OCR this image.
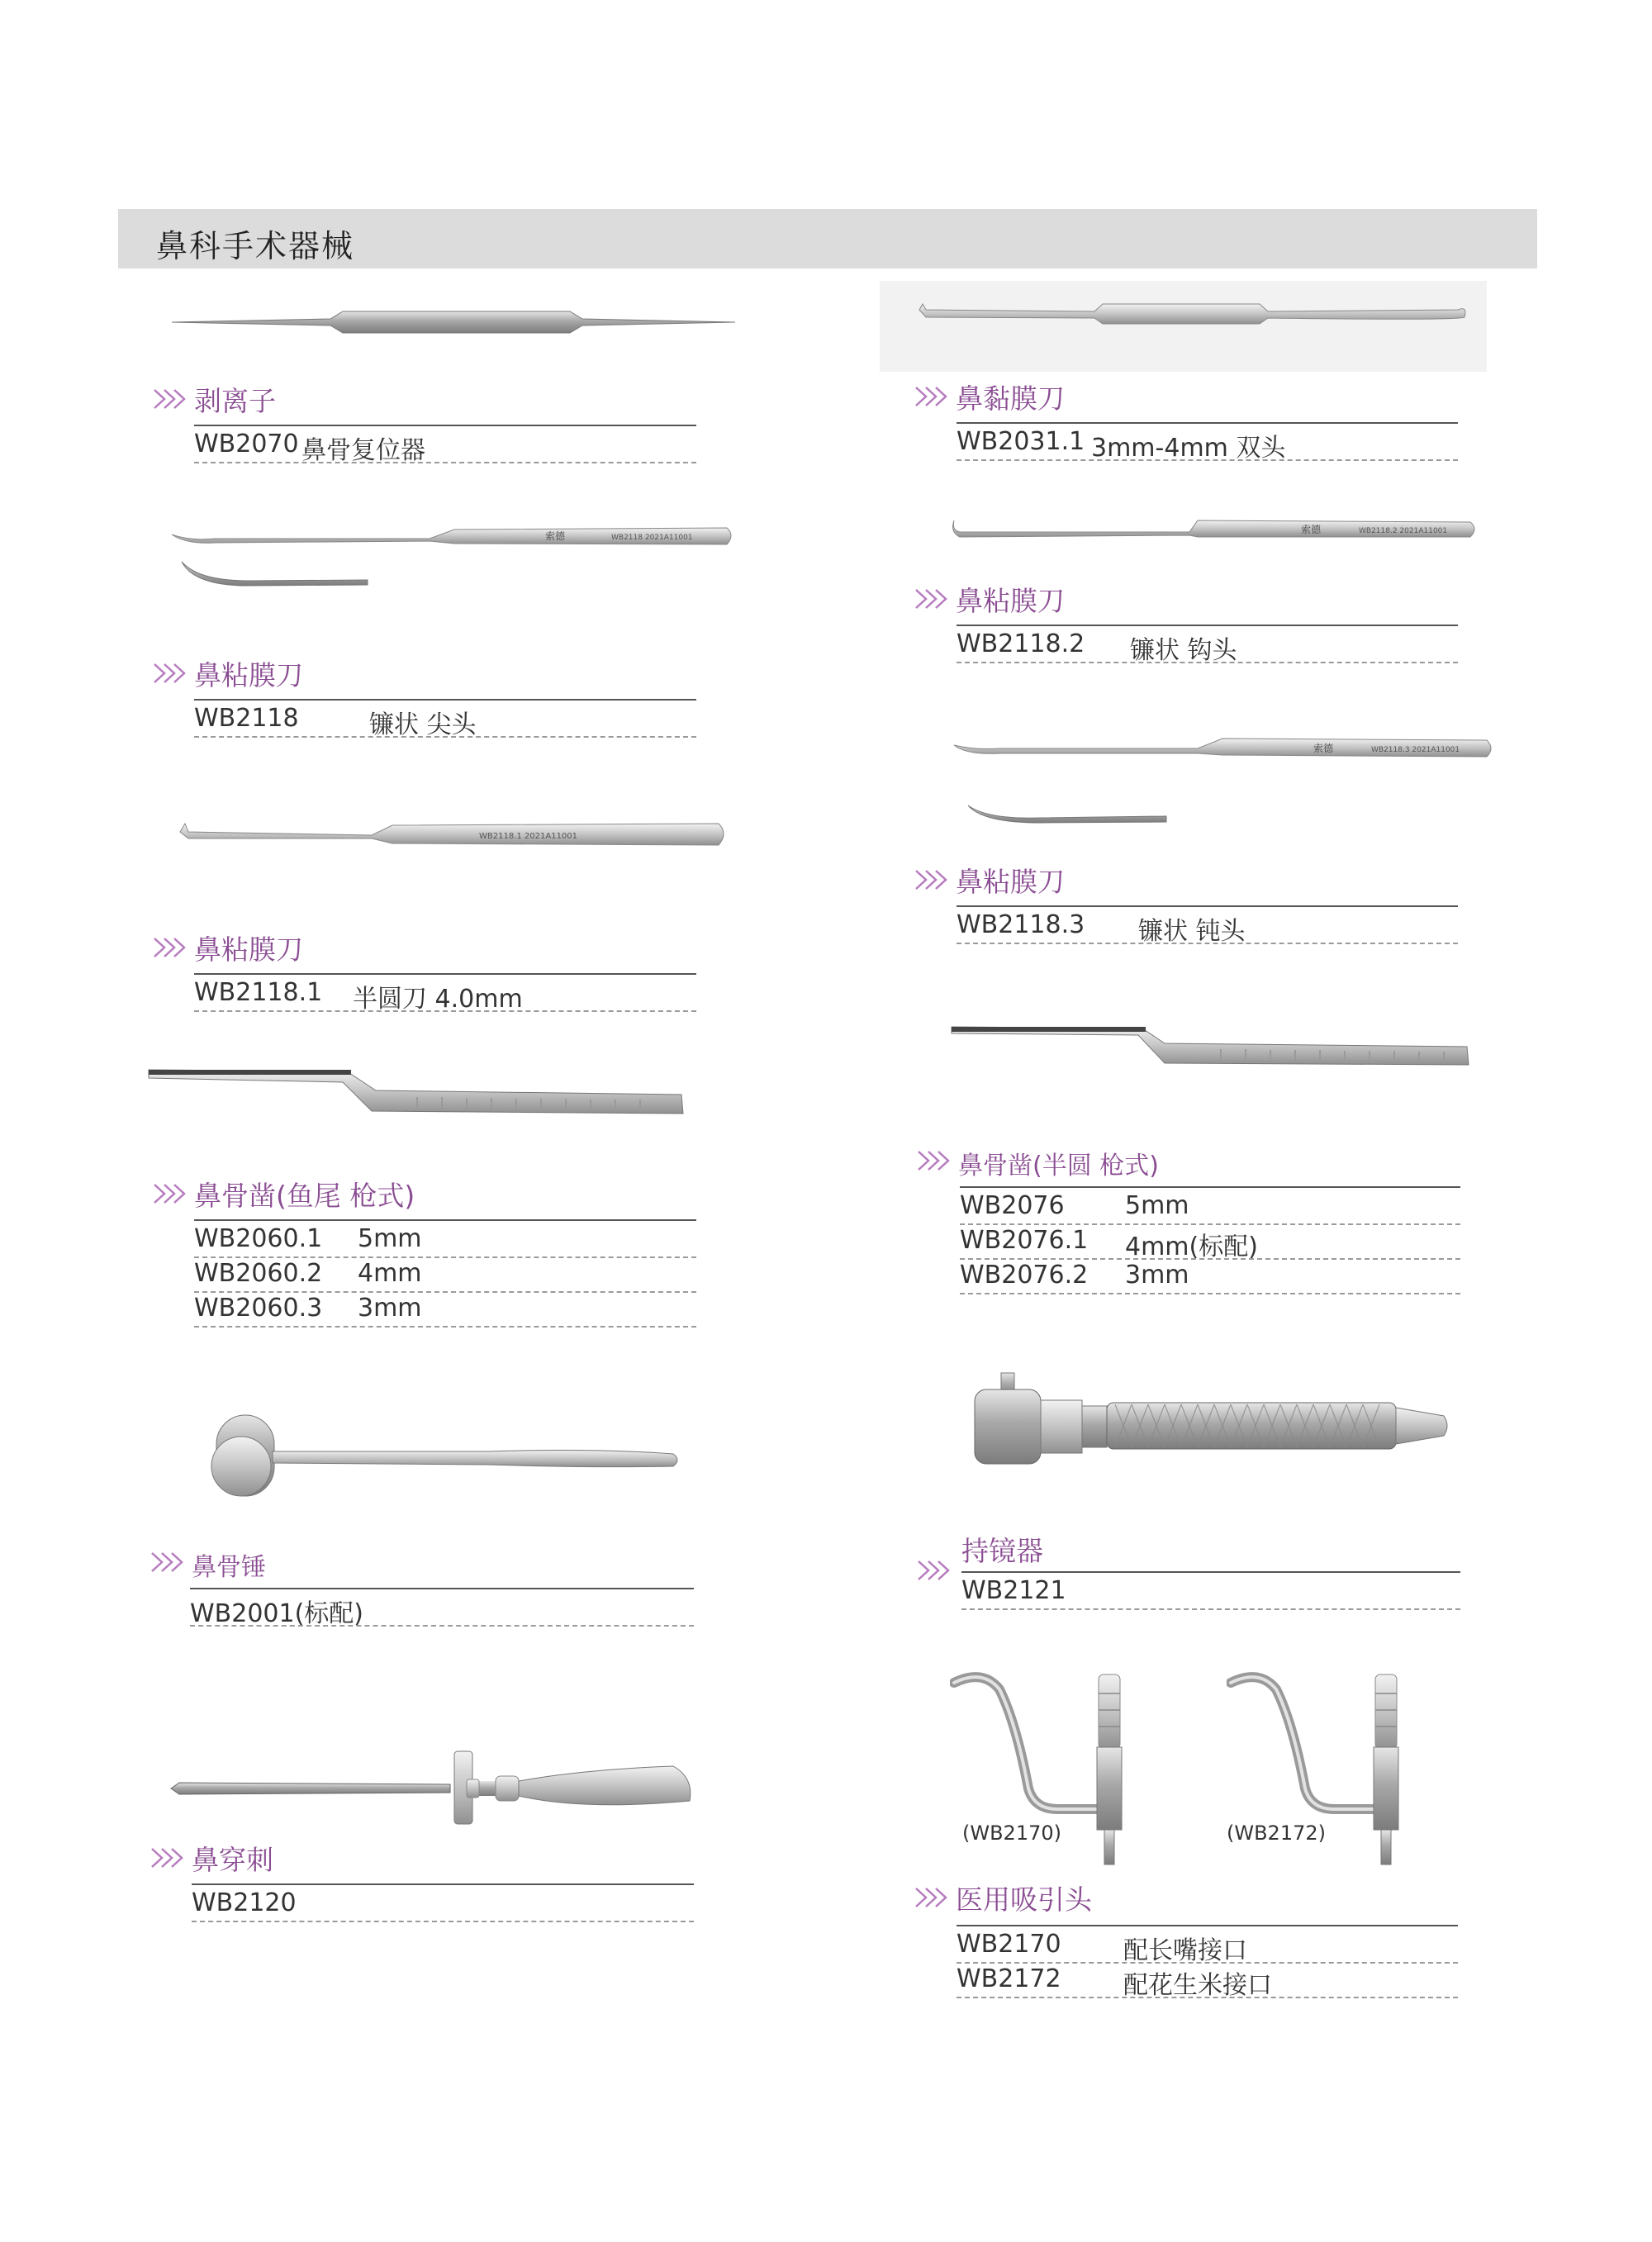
鼻科手术器械
索德	WB2118 2021A11001
WB2118.1 2021A11001
索德	WB2118.2 2021A11001
索德	WB2118.3 2021A11001
(WB2170)	(WB2172)
剥离子
WB2070 鼻骨复位器
鼻粘膜刀
WB2118	镰状 尖头
鼻粘膜刀
WB2118.1 半圆刀 4.0mm
鼻骨凿(鱼尾 枪式)
WB2060.1 5mm
WB2060.2 4mm
WB2060.3 3mm
鼻骨锤
WB2001(标配)
鼻穿刺
WB2120
鼻黏膜刀
WB2031.1 3mm-4mm 双头
鼻粘膜刀
WB2118.2 镰状 钩头
鼻粘膜刀
WB2118.3 镰状 钝头
鼻骨凿(半圆 枪式)
WB2076 5mm
WB2076.1 4mm(标配)
WB2076.2 3mm
持镜器
WB2121
医用吸引头
WB2170	配长嘴接口
WB2172	配花生米接口
